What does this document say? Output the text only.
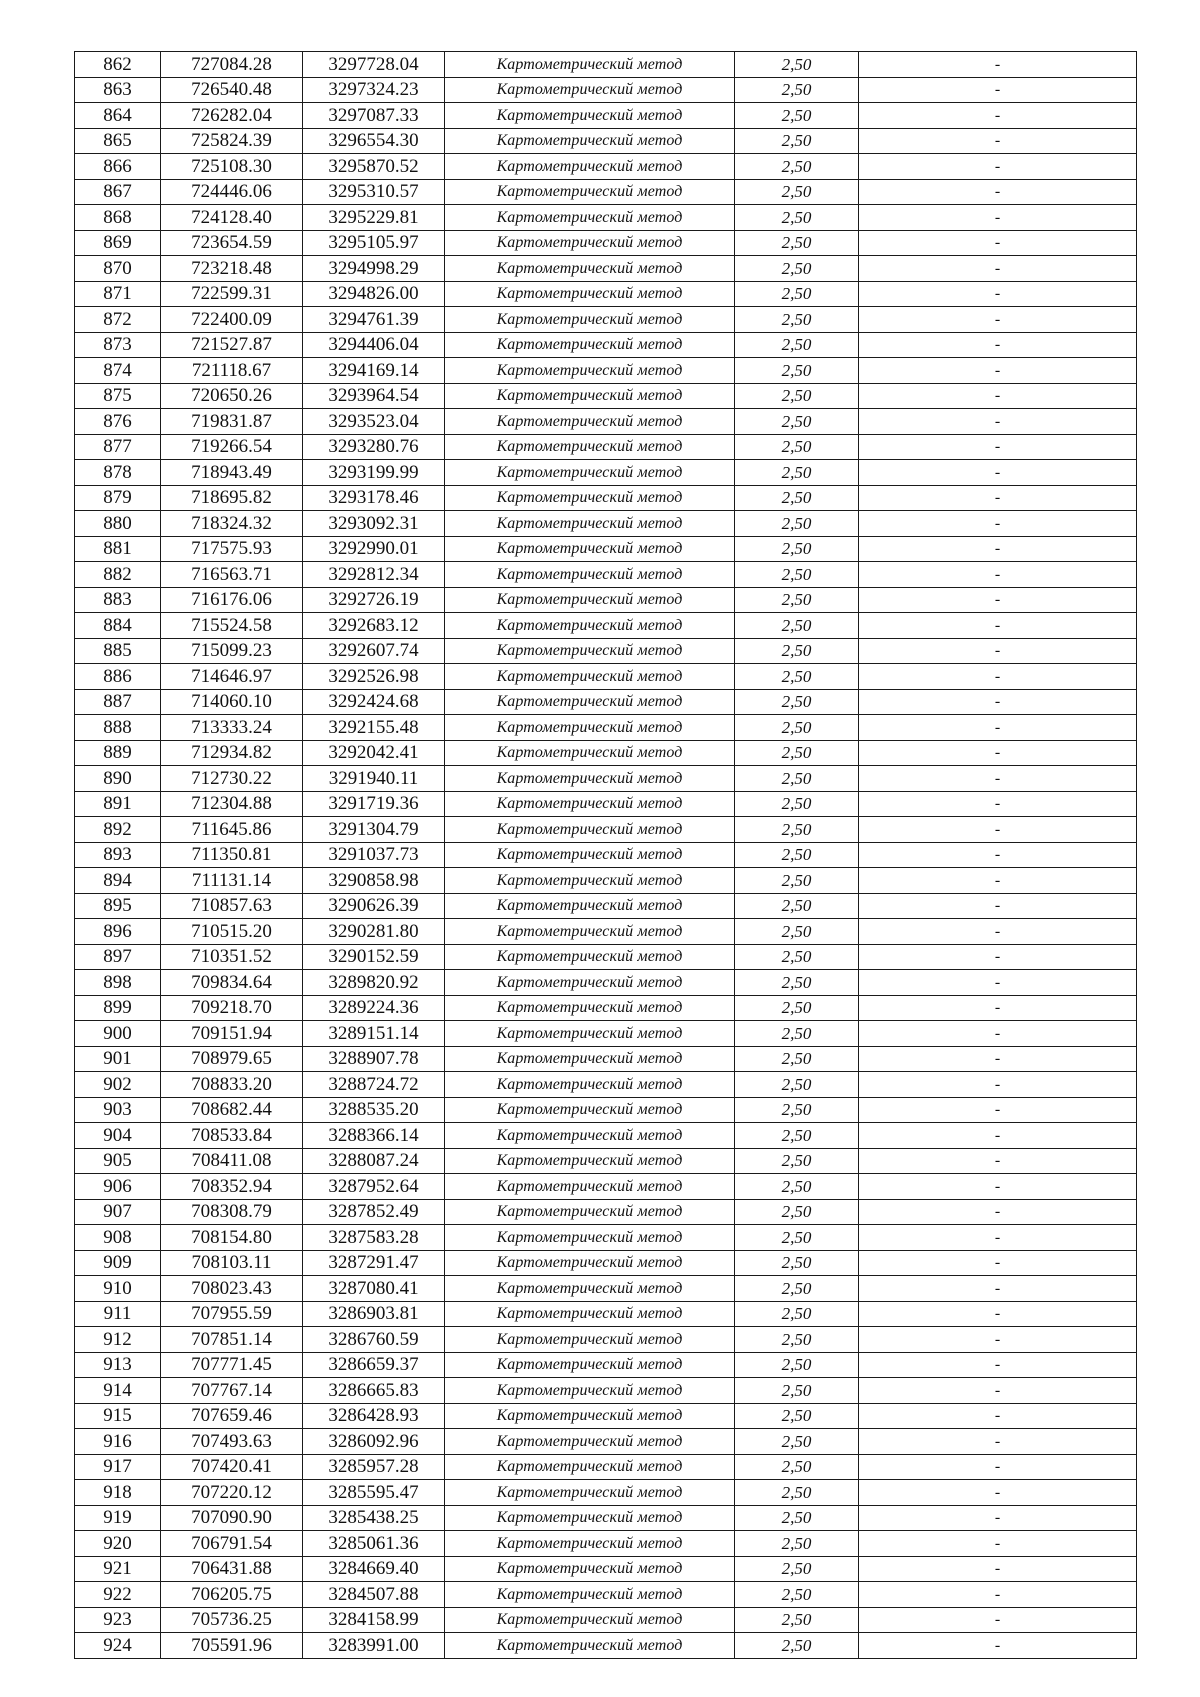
862	727084.28	3297728.04	Картометрический метод	2,50	-
863	726540.48	3297324.23	Картометрический метод	2,50	-
864	726282.04	3297087.33	Картометрический метод	2,50	-
865	725824.39	3296554.30	Картометрический метод	2,50	-
866	725108.30	3295870.52	Картометрический метод	2,50	-
867	724446.06	3295310.57	Картометрический метод	2,50	-
868	724128.40	3295229.81	Картометрический метод	2,50	-
869	723654.59	3295105.97	Картометрический метод	2,50	-
870	723218.48	3294998.29	Картометрический метод	2,50	-
871	722599.31	3294826.00	Картометрический метод	2,50	-
872	722400.09	3294761.39	Картометрический метод	2,50	-
873	721527.87	3294406.04	Картометрический метод	2,50	-
874	721118.67	3294169.14	Картометрический метод	2,50	-
875	720650.26	3293964.54	Картометрический метод	2,50	-
876	719831.87	3293523.04	Картометрический метод	2,50	-
877	719266.54	3293280.76	Картометрический метод	2,50	-
878	718943.49	3293199.99	Картометрический метод	2,50	-
879	718695.82	3293178.46	Картометрический метод	2,50	-
880	718324.32	3293092.31	Картометрический метод	2,50	-
881	717575.93	3292990.01	Картометрический метод	2,50	-
882	716563.71	3292812.34	Картометрический метод	2,50	-
883	716176.06	3292726.19	Картометрический метод	2,50	-
884	715524.58	3292683.12	Картометрический метод	2,50	-
885	715099.23	3292607.74	Картометрический метод	2,50	-
886	714646.97	3292526.98	Картометрический метод	2,50	-
887	714060.10	3292424.68	Картометрический метод	2,50	-
888	713333.24	3292155.48	Картометрический метод	2,50	-
889	712934.82	3292042.41	Картометрический метод	2,50	-
890	712730.22	3291940.11	Картометрический метод	2,50	-
891	712304.88	3291719.36	Картометрический метод	2,50	-
892	711645.86	3291304.79	Картометрический метод	2,50	-
893	711350.81	3291037.73	Картометрический метод	2,50	-
894	711131.14	3290858.98	Картометрический метод	2,50	-
895	710857.63	3290626.39	Картометрический метод	2,50	-
896	710515.20	3290281.80	Картометрический метод	2,50	-
897	710351.52	3290152.59	Картометрический метод	2,50	-
898	709834.64	3289820.92	Картометрический метод	2,50	-
899	709218.70	3289224.36	Картометрический метод	2,50	-
900	709151.94	3289151.14	Картометрический метод	2,50	-
901	708979.65	3288907.78	Картометрический метод	2,50	-
902	708833.20	3288724.72	Картометрический метод	2,50	-
903	708682.44	3288535.20	Картометрический метод	2,50	-
904	708533.84	3288366.14	Картометрический метод	2,50	-
905	708411.08	3288087.24	Картометрический метод	2,50	-
906	708352.94	3287952.64	Картометрический метод	2,50	-
907	708308.79	3287852.49	Картометрический метод	2,50	-
908	708154.80	3287583.28	Картометрический метод	2,50	-
909	708103.11	3287291.47	Картометрический метод	2,50	-
910	708023.43	3287080.41	Картометрический метод	2,50	-
911	707955.59	3286903.81	Картометрический метод	2,50	-
912	707851.14	3286760.59	Картометрический метод	2,50	-
913	707771.45	3286659.37	Картометрический метод	2,50	-
914	707767.14	3286665.83	Картометрический метод	2,50	-
915	707659.46	3286428.93	Картометрический метод	2,50	-
916	707493.63	3286092.96	Картометрический метод	2,50	-
917	707420.41	3285957.28	Картометрический метод	2,50	-
918	707220.12	3285595.47	Картометрический метод	2,50	-
919	707090.90	3285438.25	Картометрический метод	2,50	-
920	706791.54	3285061.36	Картометрический метод	2,50	-
921	706431.88	3284669.40	Картометрический метод	2,50	-
922	706205.75	3284507.88	Картометрический метод	2,50	-
923	705736.25	3284158.99	Картометрический метод	2,50	-
924	705591.96	3283991.00	Картометрический метод	2,50	-
